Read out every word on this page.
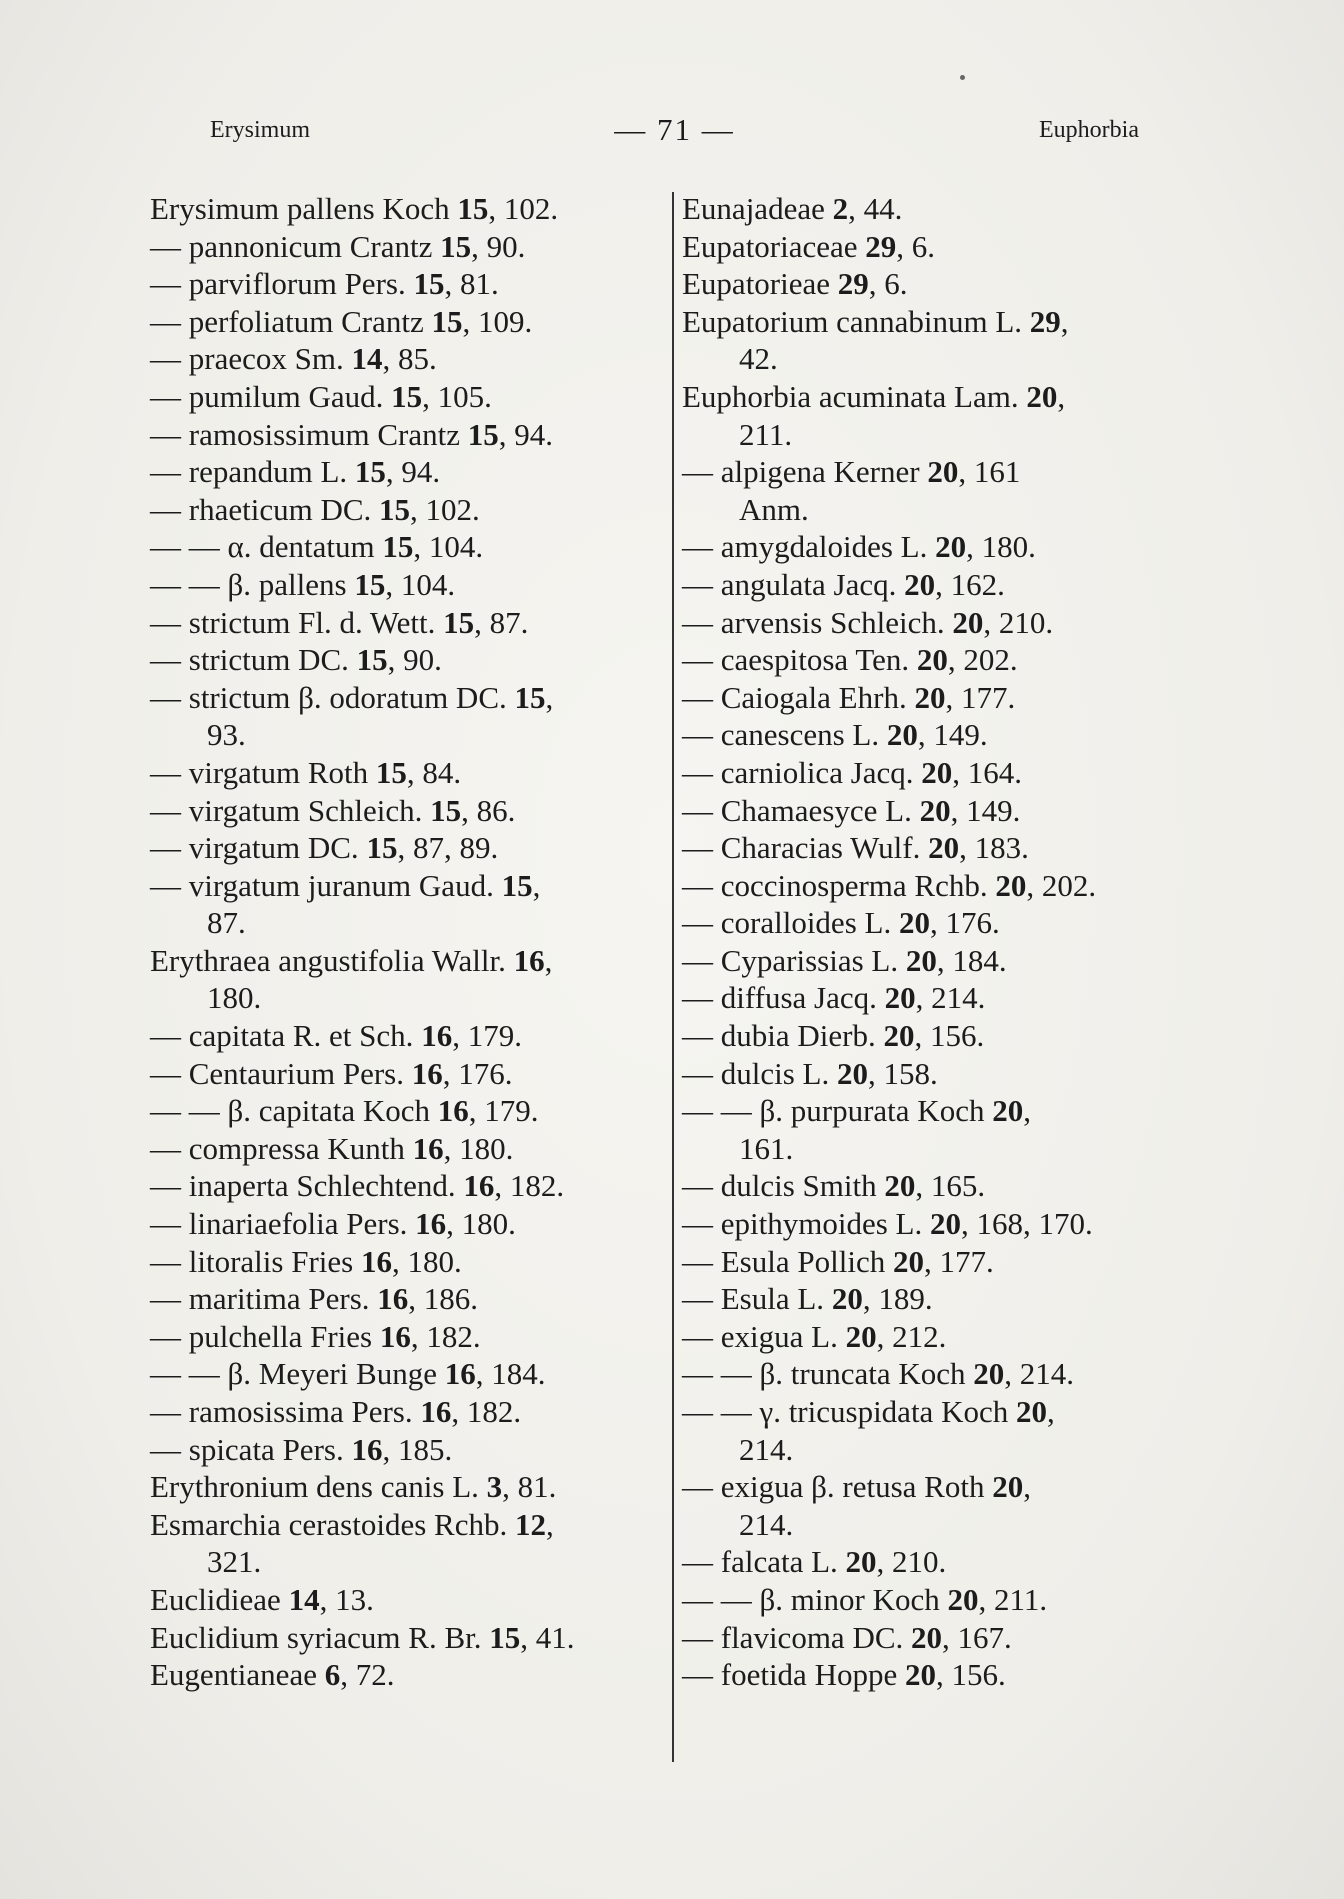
Erysimum	— 71 —	Euphorbia
Erysimum pallens Koch 15, 102.
— pannonicum Crantz 15, 90.
— parviflorum Pers. 15, 81.
— perfoliatum Crantz 15, 109.
— praecox Sm. 14, 85.
— pumilum Gaud. 15, 105.
— ramosissimum Crantz 15, 94.
— repandum L. 15, 94.
— rhaeticum DC. 15, 102.
— — α. dentatum 15, 104.
— — β. pallens 15, 104.
— strictum Fl. d. Wett. 15, 87.
— strictum DC. 15, 90.
— strictum β. odoratum DC. 15,
93.
— virgatum Roth 15, 84.
— virgatum Schleich. 15, 86.
— virgatum DC. 15, 87, 89.
— virgatum juranum Gaud. 15,
87.
Erythraea angustifolia Wallr. 16,
180.
— capitata R. et Sch. 16, 179.
— Centaurium Pers. 16, 176.
— — β. capitata Koch 16, 179.
— compressa Kunth 16, 180.
— inaperta Schlechtend. 16, 182.
— linariaefolia Pers. 16, 180.
— litoralis Fries 16, 180.
— maritima Pers. 16, 186.
— pulchella Fries 16, 182.
— — β. Meyeri Bunge 16, 184.
— ramosissima Pers. 16, 182.
— spicata Pers. 16, 185.
Erythronium dens canis L. 3, 81.
Esmarchia cerastoides Rchb. 12,
321.
Euclidieae 14, 13.
Euclidium syriacum R. Br. 15, 41.
Eugentianeae 6, 72.
Eunajadeae 2, 44.
Eupatoriaceae 29, 6.
Eupatorieae 29, 6.
Eupatorium cannabinum L. 29,
42.
Euphorbia acuminata Lam. 20,
211.
— alpigena Kerner 20, 161
Anm.
— amygdaloides L. 20, 180.
— angulata Jacq. 20, 162.
— arvensis Schleich. 20, 210.
— caespitosa Ten. 20, 202.
— Caiogala Ehrh. 20, 177.
— canescens L. 20, 149.
— carniolica Jacq. 20, 164.
— Chamaesyce L. 20, 149.
— Characias Wulf. 20, 183.
— coccinosperma Rchb. 20, 202.
— coralloides L. 20, 176.
— Cyparissias L. 20, 184.
— diffusa Jacq. 20, 214.
— dubia Dierb. 20, 156.
— dulcis L. 20, 158.
— — β. purpurata Koch 20,
161.
— dulcis Smith 20, 165.
— epithymoides L. 20, 168, 170.
— Esula Pollich 20, 177.
— Esula L. 20, 189.
— exigua L. 20, 212.
— — β. truncata Koch 20, 214.
— — γ. tricuspidata Koch 20,
214.
— exigua β. retusa Roth 20,
214.
— falcata L. 20, 210.
— — β. minor Koch 20, 211.
— flavicoma DC. 20, 167.
— foetida Hoppe 20, 156.
